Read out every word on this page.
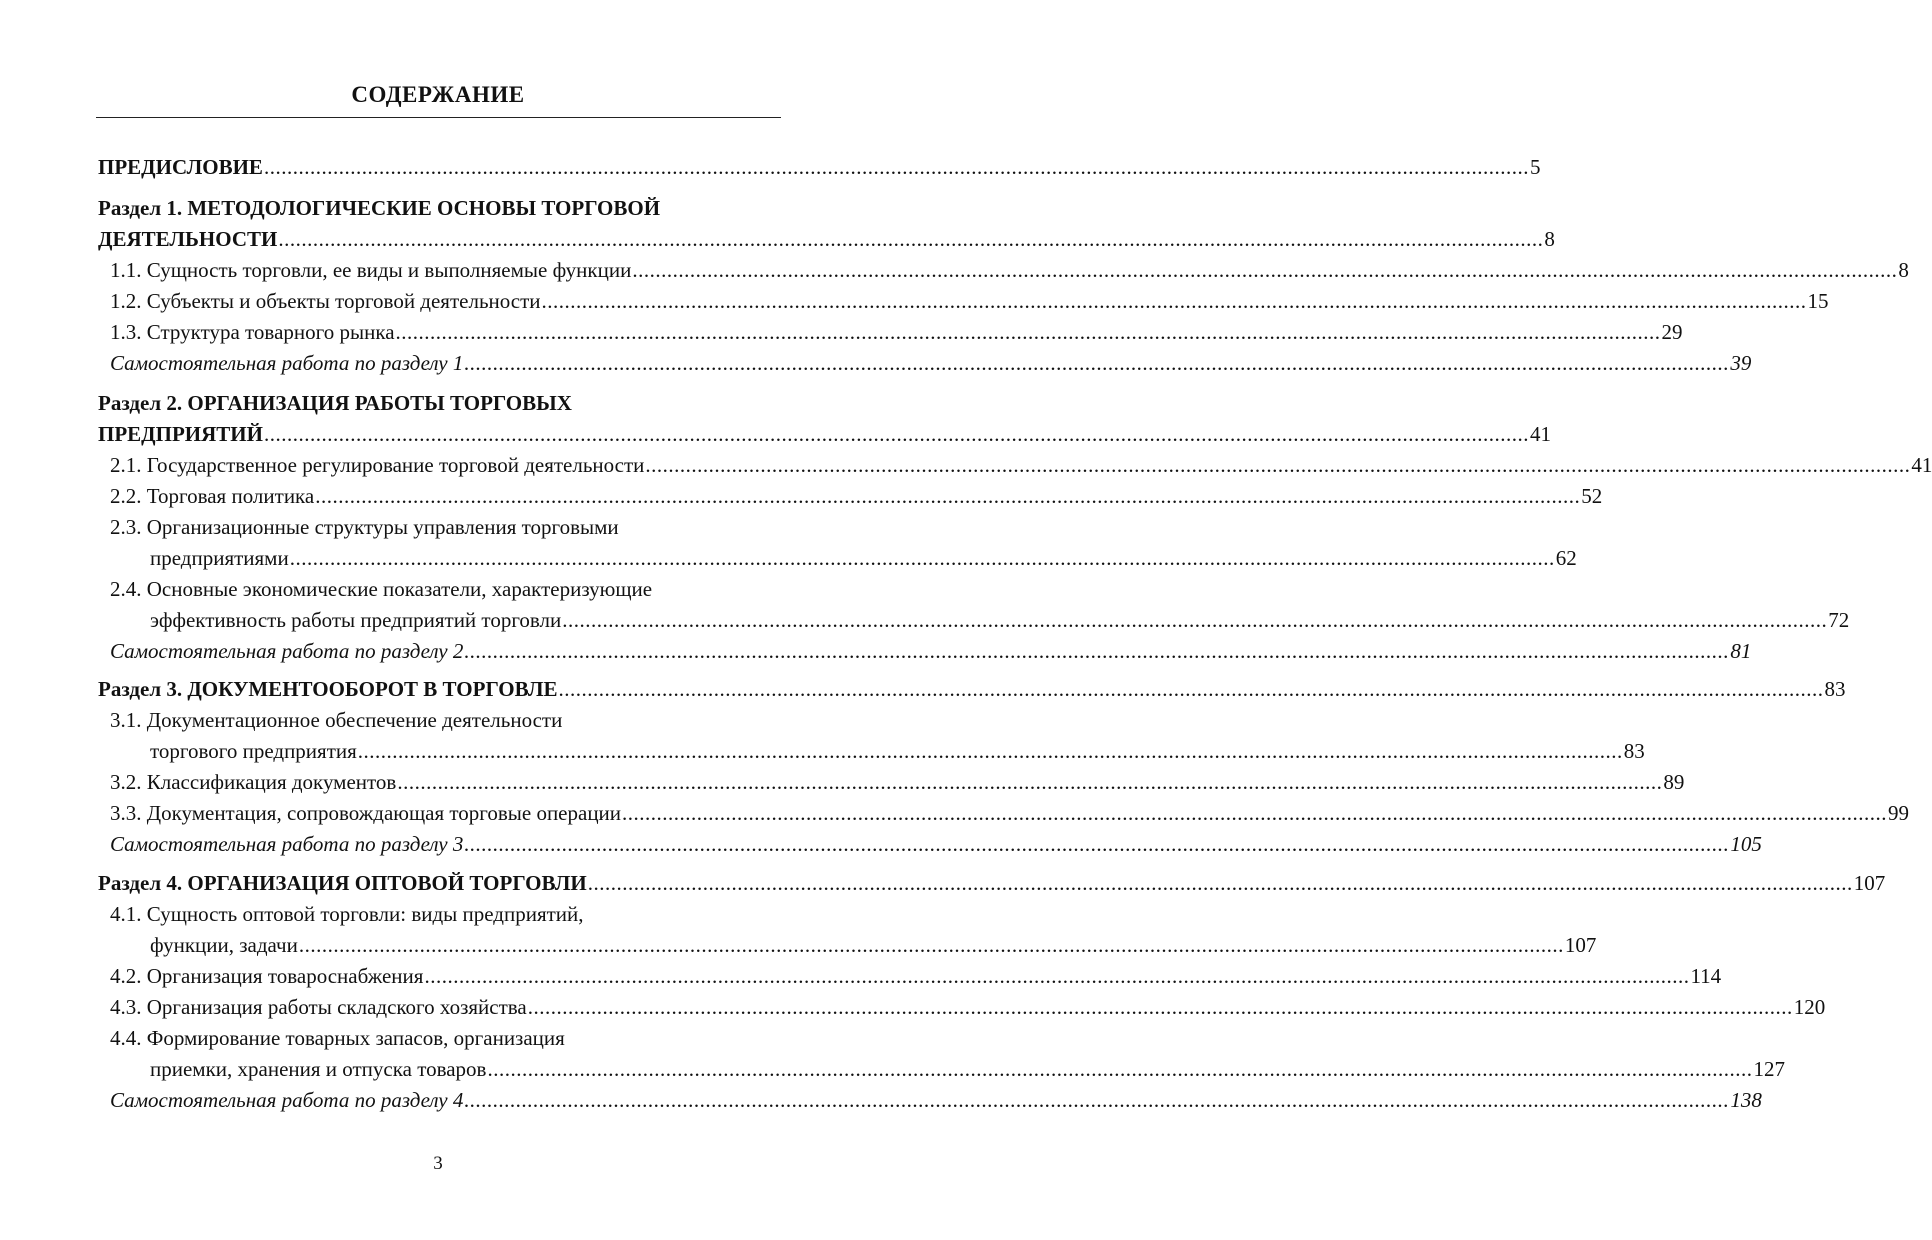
СОДЕРЖАНИЕ
ПРЕДИСЛОВИЕ ............................................................................................................................................................................................................................ 5
Раздел 1. МЕТОДОЛОГИЧЕСКИЕ ОСНОВЫ ТОРГОВОЙ
ДЕЯТЕЛЬНОСТИ ............................................................................................................................................................................................................................ 8
1.1. Сущность торговли, ее виды и выполняемые функции ............................................................................................................................................................................................................................ 8
1.2. Субъекты и объекты торговой деятельности ............................................................................................................................................................................................................................ 15
1.3. Структура товарного рынка ............................................................................................................................................................................................................................ 29
Самостоятельная работа по разделу 1 ............................................................................................................................................................................................................................ 39
Раздел 2. ОРГАНИЗАЦИЯ РАБОТЫ ТОРГОВЫХ
ПРЕДПРИЯТИЙ ............................................................................................................................................................................................................................ 41
2.1. Государственное регулирование торговой деятельности ............................................................................................................................................................................................................................ 41
2.2. Торговая политика ............................................................................................................................................................................................................................ 52
2.3. Организационные структуры управления торговыми
предприятиями ............................................................................................................................................................................................................................ 62
2.4. Основные экономические показатели, характеризующие
эффективность работы предприятий торговли ............................................................................................................................................................................................................................ 72
Самостоятельная работа по разделу 2 ............................................................................................................................................................................................................................ 81
Раздел 3. ДОКУМЕНТООБОРОТ В ТОРГОВЛЕ ............................................................................................................................................................................................................................ 83
3.1. Документационное обеспечение деятельности
торгового предприятия ............................................................................................................................................................................................................................ 83
3.2. Классификация документов ............................................................................................................................................................................................................................ 89
3.3. Документация, сопровождающая торговые операции ............................................................................................................................................................................................................................ 99
Самостоятельная работа по разделу 3 ............................................................................................................................................................................................................................ 105
Раздел 4. ОРГАНИЗАЦИЯ ОПТОВОЙ ТОРГОВЛИ ............................................................................................................................................................................................................................ 107
4.1. Сущность оптовой торговли: виды предприятий,
функции, задачи ............................................................................................................................................................................................................................ 107
4.2. Организация товароснабжения ............................................................................................................................................................................................................................ 114
4.3. Организация работы складского хозяйства ............................................................................................................................................................................................................................ 120
4.4. Формирование товарных запасов, организация
приемки, хранения и отпуска товаров ............................................................................................................................................................................................................................ 127
Самостоятельная работа по разделу 4 ............................................................................................................................................................................................................................ 138
3
